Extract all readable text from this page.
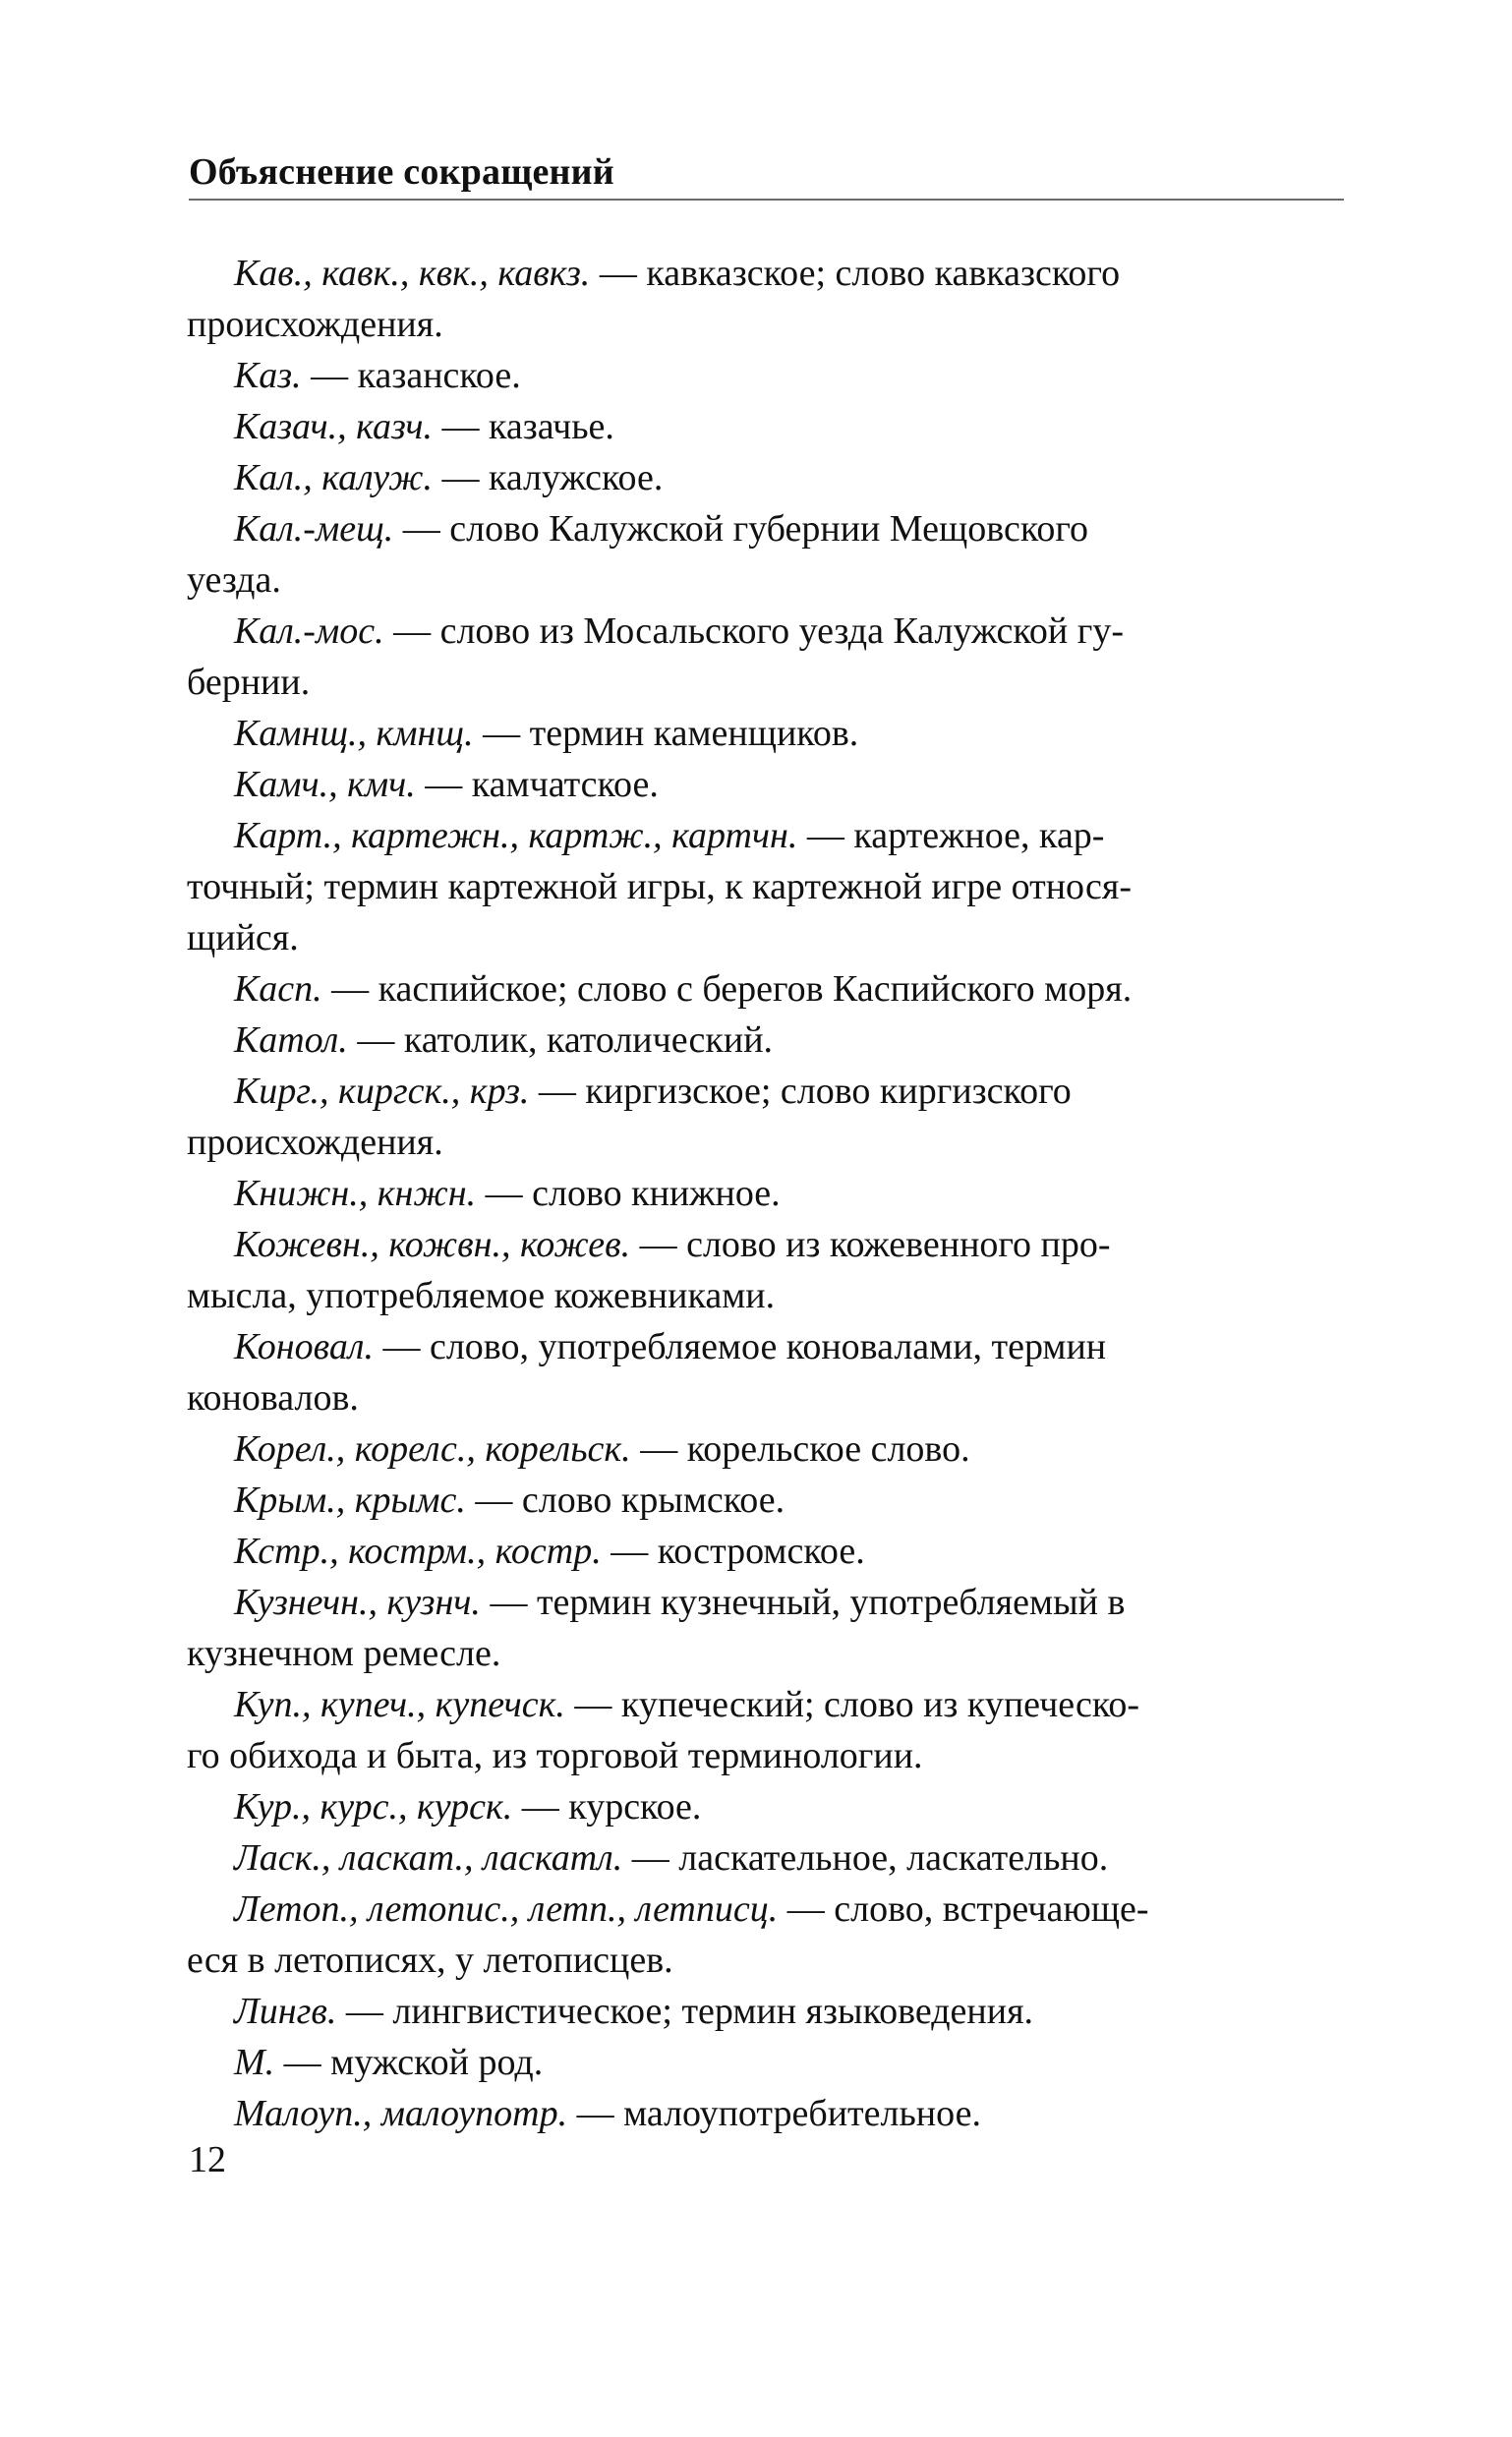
Объяснение сокращений

Кав., кавк., квк., кавкз. — кавказское; слово кавказского

происхождения.

Каз. — казанское.

Казач., казч. — казачье.

Кал., калуж. — калужское.

Кал.-мещ. — слово Калужской губернии Мещовского

уезда.

Кал.-мос. — слово из Мосальского уезда Калужской гу-

бернии.

Камнщ., кмнщ. — термин каменщиков.

Камч., кмч. — камчатское.

Карт., картежн., картж., картчн. — картежное, кар-

точный; термин картежной игры, к картежной игре относя-

щийся.

Касп. — каспийское; слово с берегов Каспийского моря.

Катол. — католик, католический.

Кирг., киргск., крз. — киргизское; слово киргизского

происхождения.

Книжн., кнжн. — слово книжное.

Кожевн., кожвн., кожев. — слово из кожевенного про-

мысла, употребляемое кожевниками.

Коновал. — слово, употребляемое коновалами, термин

коновалов.

Корел., корелс., корельск. — корельское слово.

Крым., крымс. — слово крымское.

Кстр., кострм., костр. — костромское.

Кузнечн., кузнч. — термин кузнечный, употребляемый в

кузнечном ремесле.

Куп., купеч., купечск. — купеческий; слово из купеческо-

го обихода и быта, из торговой терминологии.

Кур., курс., курск. — курское.

Ласк., ласкат., ласкатл. — ласкательное, ласкательно.

Летоп., летопис., летп., летписц. — слово, встречающе-

еся в летописях, у летописцев.

Лингв. — лингвистическое; термин языковедения.

М. — мужской род.

Малоуп., малоупотр. — малоупотребительное.

12
